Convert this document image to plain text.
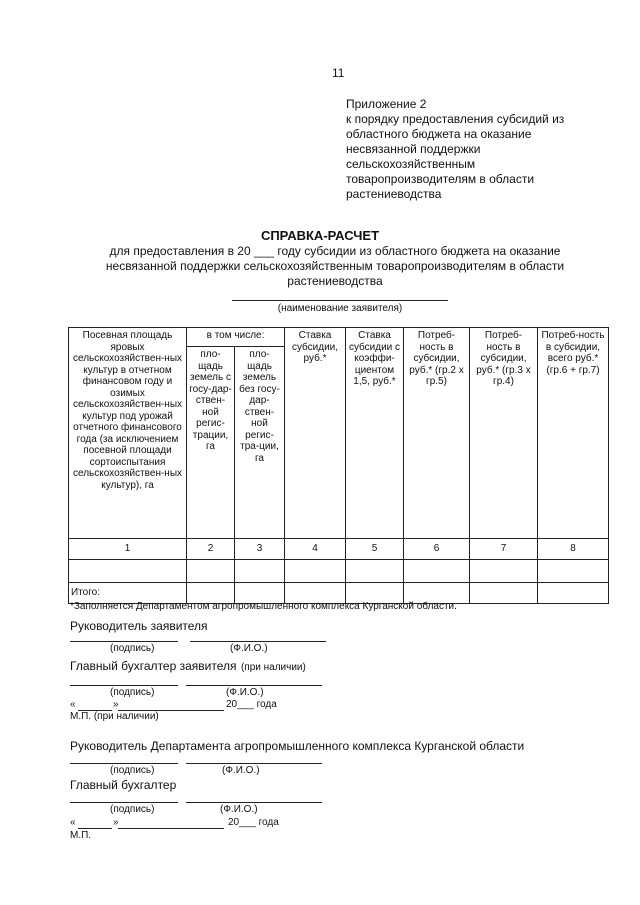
11
Приложение 2
к порядку предоставления субсидий из
областного бюджета на оказание
несвязанной поддержки
сельскохозяйственным
товаропроизводителям в области
растениеводства
СПРАВКА-РАСЧЕТ
для предоставления в 20 ___ году субсидии из областного бюджета на оказание
несвязанной поддержки сельскохозяйственным товаропроизводителям в области
растениеводства
(наименование заявителя)
Посевная площадь яровых сельскохозяйствен-ных культур в отчетном финансовом году и озимых сельскохозяйствен-ных культур под урожай отчетного финансового года (за исключением посевной площади сортоиспытания сельскохозяйствен-ных культур), га	в том числе:		Ставка субсидии, руб.*	Ставка субсидии с коэффи-циентом 1,5, руб.*	Потреб-ность в субсидии, руб.* (гр.2 х гр.5)	Потреб-ность в субсидии, руб.* (гр.3 х гр.4)	Потреб-ность в субсидии, всего руб.* (гр.6 + гр.7)
	пло-щадь земель с госу-дар-ствен-ной регис-трации, га	пло-щадь земель без госу-дар-ствен-ной регис-тра-ции, га					
1	2	3	4	5	6	7	8

Итого:							
*Заполняется Департаментом агропромышленного комплекса Курганской области.
Руководитель заявителя
(подпись)	(Ф.И.О.)
Главный бухгалтер заявителя (при наличии)
(подпись)	(Ф.И.О.)
«	»	20___ года
М.П. (при наличии)
Руководитель Департамента агропромышленного комплекса Курганской области
(подпись)	(Ф.И.О.)
Главный бухгалтер
(подпись)	(Ф.И.О.)
«	»	20___ года
М.П.
